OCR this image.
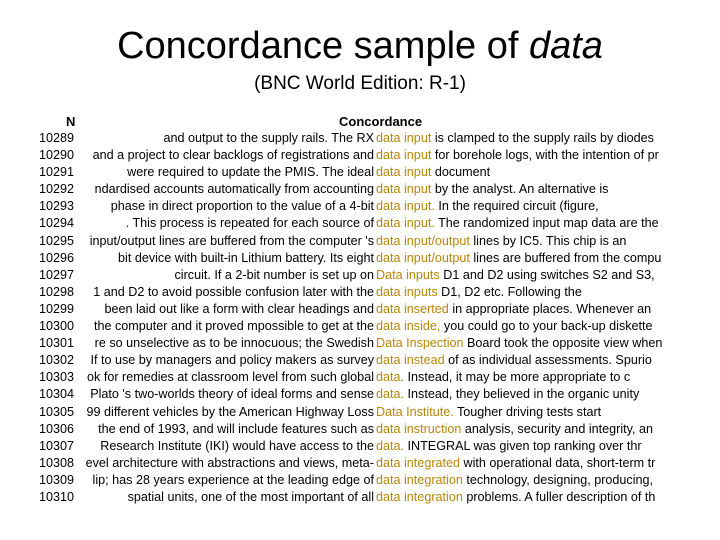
Concordance sample of data
(BNC World Edition: R-1)
N	Concordance
10289	and output to the supply rails. The RX data input is clamped to the supply rails by diodes
10290	and a project to clear backlogs of registrations and data input for borehole logs, with the intention of pr
10291	were required to update the PMIS. The ideal data input document
10292	ndardised accounts automatically from accounting data input by the analyst. An alternative is
10293	phase in direct proportion to the value of a 4-bit data input. In the required circuit (figure,
10294	. This process is repeated for each source of data input. The randomized input map data are the
10295	input/output lines are buffered from the computer 's data input/output lines by IC5. This chip is an
10296	bit device with built-in Lithium battery. Its eight data input/output lines are buffered from the compu
10297	circuit. If a 2-bit number is set up on Data inputs D1 and D2 using switches S2 and S3,
10298	1 and D2 to avoid possible confusion later with the data inputs D1, D2 etc. Following the
10299	been laid out like a form with clear headings and data inserted in appropriate places. Whenever an
10300	the computer and it proved mpossible to get at the data inside, you could go to your back-up diskette
10301	re so unselective as to be innocuous; the Swedish Data Inspection Board took the opposite view when
10302	If to use by managers and policy makers as survey data instead of as individual assessments. Spurio
10303	ok for remedies at classroom level from such global data. Instead, it may be more appropriate to c
10304	Plato 's two-worlds theory of ideal forms and sense data. Instead, they believed in the organic unity
10305 99 different vehicles by the American Highway Loss Data Institute. Tougher driving tests start
10306	the end of 1993, and will include features such as data instruction analysis, security and integrity, an
10307	Research Institute (IKI) would have access to the data. INTEGRAL was given top ranking over thr
10308 evel architecture with abstractions and views, meta- data integrated with operational data, short-term tr
10309	lip; has 28 years experience at the leading edge of data integration technology, designing, producing,
10310	spatial units, one of the most important of all data integration problems. A fuller description of th
